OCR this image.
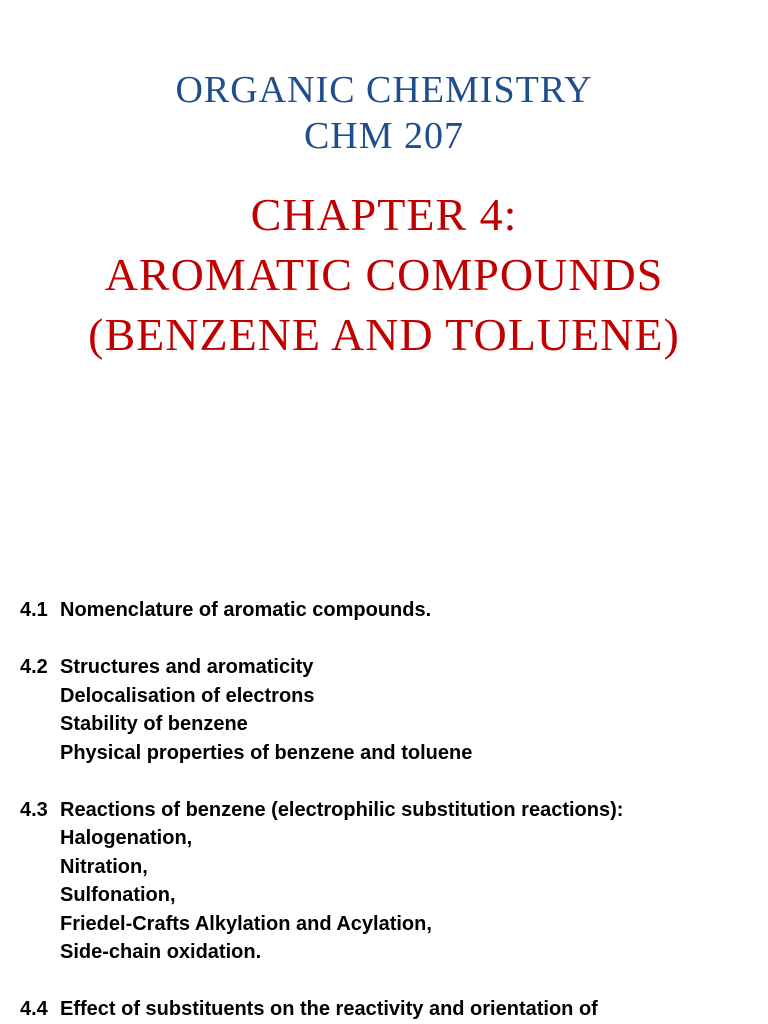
ORGANIC CHEMISTRY
CHM 207
CHAPTER 4:
AROMATIC COMPOUNDS
(BENZENE AND TOLUENE)
4.1 Nomenclature of aromatic compounds.
4.2 Structures and aromaticity
Delocalisation of electrons
Stability of benzene
Physical properties of benzene and toluene
4.3 Reactions of benzene (electrophilic substitution reactions):
Halogenation,
Nitration,
Sulfonation,
Friedel-Crafts Alkylation and Acylation,
Side-chain oxidation.
4.4 Effect of substituents on the reactivity and orientation of
